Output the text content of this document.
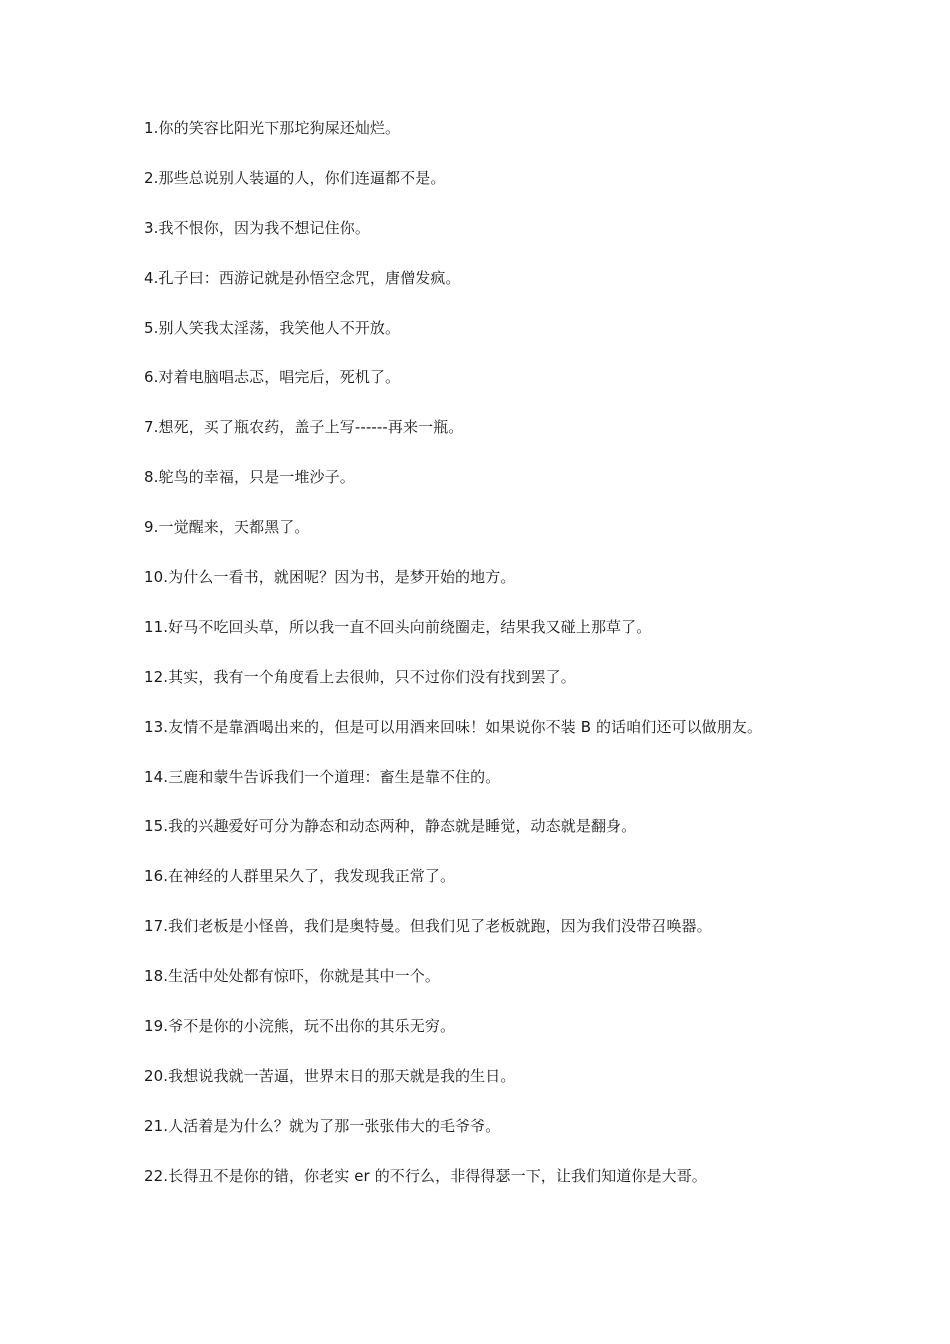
1.你的笑容比阳光下那坨狗屎还灿烂。
2.那些总说别人装逼的人，你们连逼都不是。
3.我不恨你，因为我不想记住你。
4.孔子曰：西游记就是孙悟空念咒，唐僧发疯。
5.别人笑我太淫荡，我笑他人不开放。
6.对着电脑唱忐忑，唱完后，死机了。
7.想死，买了瓶农药，盖子上写------再来一瓶。
8.鸵鸟的幸福，只是一堆沙子。
9.一觉醒来，天都黑了。
10.为什么一看书，就困呢？因为书，是梦开始的地方。
11.好马不吃回头草，所以我一直不回头向前绕圈走，结果我又碰上那草了。
12.其实，我有一个角度看上去很帅，只不过你们没有找到罢了。
13.友情不是靠酒喝出来的，但是可以用酒来回味！如果说你不装 B 的话咱们还可以做朋友。
14.三鹿和蒙牛告诉我们一个道理：畜生是靠不住的。
15.我的兴趣爱好可分为静态和动态两种，静态就是睡觉，动态就是翻身。
16.在神经的人群里呆久了，我发现我正常了。
17.我们老板是小怪兽，我们是奥特曼。但我们见了老板就跑，因为我们没带召唤器。
18.生活中处处都有惊吓，你就是其中一个。
19.爷不是你的小浣熊，玩不出你的其乐无穷。
20.我想说我就一苦逼，世界末日的那天就是我的生日。
21.人活着是为什么？就为了那一张张伟大的毛爷爷。
22.长得丑不是你的错，你老实 er 的不行么，非得得瑟一下，让我们知道你是大哥。
